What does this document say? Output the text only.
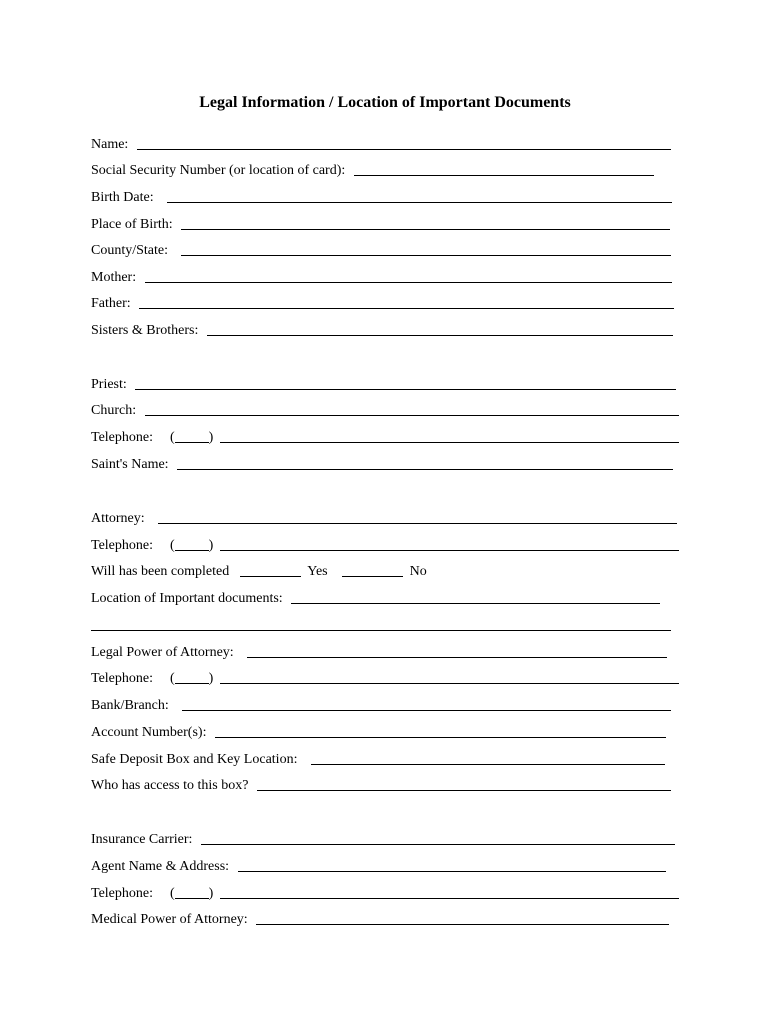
Legal Information / Location of Important Documents
Name:
Social Security Number (or location of card):
Birth Date:
Place of Birth:
County/State:
Mother:
Father:
Sisters & Brothers:
Priest:
Church:
Telephone: ( )
Saint's Name:
Attorney:
Telephone: ( )
Will has been completed	Yes	No
Location of Important documents:
Legal Power of Attorney:
Telephone: ( )
Bank/Branch:
Account Number(s):
Safe Deposit Box and Key Location:
Who has access to this box?
Insurance Carrier:
Agent Name & Address:
Telephone: ( )
Medical Power of Attorney:
